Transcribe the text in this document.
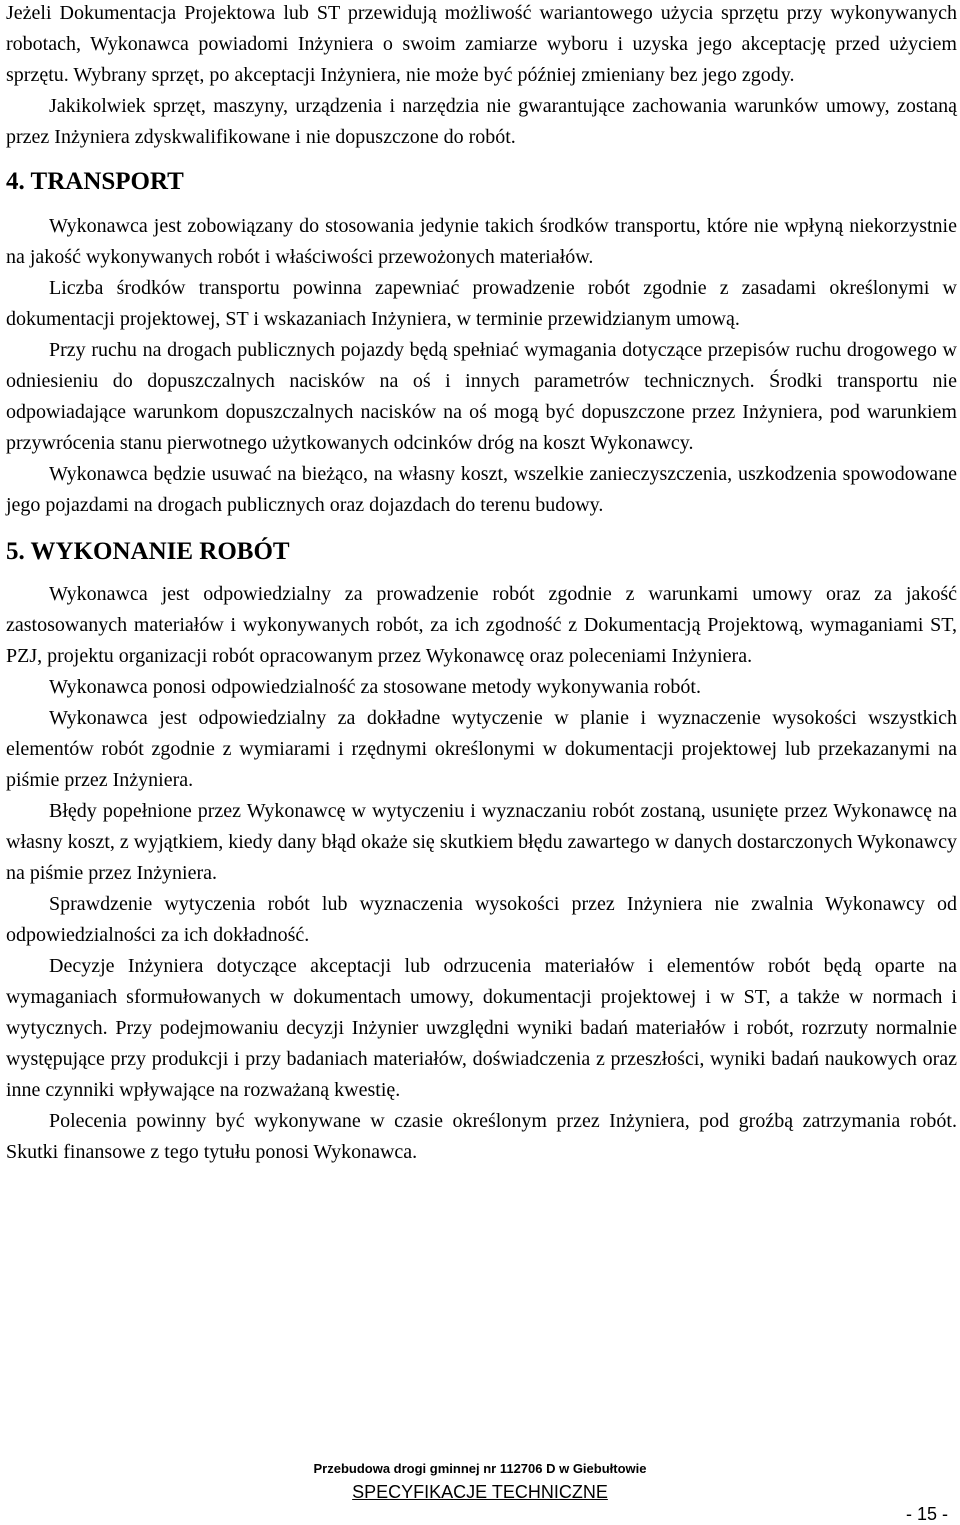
Jeżeli Dokumentacja Projektowa lub ST przewidują możliwość wariantowego użycia sprzętu przy wykonywanych robotach, Wykonawca powiadomi Inżyniera o swoim zamiarze wyboru i uzyska jego akceptację przed użyciem sprzętu. Wybrany sprzęt, po akceptacji Inżyniera, nie może być później zmieniany bez jego zgody.

Jakikolwiek sprzęt, maszyny, urządzenia i narzędzia nie gwarantujące zachowania warunków umowy, zostaną przez Inżyniera zdyskwalifikowane i nie dopuszczone do robót.

4. TRANSPORT

Wykonawca jest zobowiązany do stosowania jedynie takich środków transportu, które nie wpłyną niekorzystnie na jakość wykonywanych robót i właściwości przewożonych materiałów.

Liczba środków transportu powinna zapewniać prowadzenie robót zgodnie z zasadami określonymi w dokumentacji projektowej, ST i wskazaniach Inżyniera, w terminie przewidzianym umową.

Przy ruchu na drogach publicznych pojazdy będą spełniać wymagania dotyczące przepisów ruchu drogowego w odniesieniu do dopuszczalnych nacisków na oś i innych parametrów technicznych. Środki transportu nie odpowiadające warunkom dopuszczalnych nacisków na oś mogą być dopuszczone przez Inżyniera, pod warunkiem przywrócenia stanu pierwotnego użytkowanych odcinków dróg na koszt Wykonawcy.

Wykonawca będzie usuwać na bieżąco, na własny koszt, wszelkie zanieczyszczenia, uszkodzenia spowodowane jego pojazdami na drogach publicznych oraz dojazdach do terenu budowy.

5. WYKONANIE ROBÓT

Wykonawca jest odpowiedzialny za prowadzenie robót zgodnie z warunkami umowy oraz za jakość zastosowanych materiałów i wykonywanych robót, za ich zgodność z Dokumentacją Projektową, wymaganiami ST, PZJ, projektu organizacji robót opracowanym przez Wykonawcę oraz poleceniami Inżyniera.

Wykonawca ponosi odpowiedzialność za stosowane metody wykonywania robót.

Wykonawca jest odpowiedzialny za dokładne wytyczenie w planie i wyznaczenie wysokości wszystkich elementów robót zgodnie z wymiarami i rzędnymi określonymi w dokumentacji projektowej lub przekazanymi na piśmie przez Inżyniera.

Błędy popełnione przez Wykonawcę w wytyczeniu i wyznaczaniu robót zostaną, usunięte przez Wykonawcę na własny koszt, z wyjątkiem, kiedy dany błąd okaże się skutkiem błędu zawartego w danych dostarczonych Wykonawcy na piśmie przez Inżyniera.

Sprawdzenie wytyczenia robót lub wyznaczenia wysokości przez Inżyniera nie zwalnia Wykonawcy od odpowiedzialności za ich dokładność.

Decyzje Inżyniera dotyczące akceptacji lub odrzucenia materiałów i elementów robót będą oparte na wymaganiach sformułowanych w dokumentach umowy, dokumentacji projektowej i w ST, a także w normach i wytycznych. Przy podejmowaniu decyzji Inżynier uwzględni wyniki badań materiałów i robót, rozrzuty normalnie występujące przy produkcji i przy badaniach materiałów, doświadczenia z przeszłości, wyniki badań naukowych oraz inne czynniki wpływające na rozważaną kwestię.

Polecenia powinny być wykonywane w czasie określonym przez Inżyniera, pod groźbą zatrzymania robót. Skutki finansowe z tego tytułu ponosi Wykonawca.

Przebudowa drogi gminnej nr 112706 D w Giebułtowie
SPECYFIKACJE TECHNICZNE
- 15 -
